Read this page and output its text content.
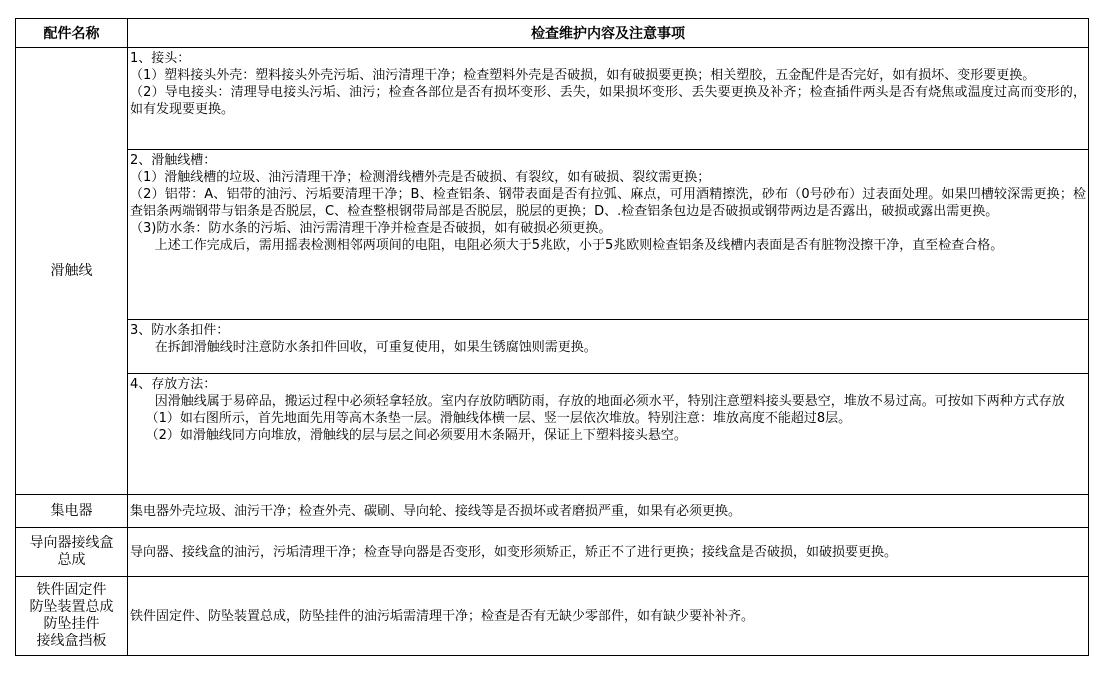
配件名称	检查维护内容及注意事项
滑触线	1、接头：
（1）塑料接头外壳：塑料接头外壳污垢、油污清理干净；检查塑料外壳是否破损，如有破损要更换；相关塑胶，五金配件是否完好，如有损坏、变形要更换。
（2）导电接头：清理导电接头污垢、油污；检查各部位是否有损坏变形、丢失，如果损坏变形、丢失要更换及补齐；检查插件两头是否有烧焦或温度过高而变形的，如有发现要更换。

	2、滑触线槽：
（1）滑触线槽的垃圾、油污清理干净；检测滑线槽外壳是否破损、有裂纹，如有破损、裂纹需更换；
（2）铝带：A、铝带的油污、污垢要清理干净；B、检查铝条、钢带表面是否有拉弧、麻点，可用酒精擦洗，砂布（0号砂布）过表面处理。如果凹槽较深需更换；检查铝条两端钢带与铝条是否脱层，C、检查整根钢带局部是否脱层，脱层的更换；D、.检查铝条包边是否破损或钢带两边是否露出，破损或露出需更换。
（3)防水条：防水条的污垢、油污需清理干净并检查是否破损，如有破损必须更换。
上述工作完成后，需用摇表检测相邻两项间的电阻，电阻必须大于5兆欧，小于5兆欧则检查铝条及线槽内表面是否有脏物没擦干净，直至检查合格。

	3、防水条扣件：
在拆卸滑触线时注意防水条扣件回收，可重复使用，如果生锈腐蚀则需更换。

	4、存放方法：
因滑触线属于易碎品，搬运过程中必须轻拿轻放。室内存放防晒防雨，存放的地面必须水平，特别注意塑料接头要悬空，堆放不易过高。可按如下两种方式存放
（1）如右图所示，首先地面先用等高木条垫一层。滑触线体横一层、竖一层依次堆放。特别注意：堆放高度不能超过8层。
（2）如滑触线同方向堆放，滑触线的层与层之间必须要用木条隔开，保证上下塑料接头悬空。

集电器	集电器外壳垃圾、油污干净；检查外壳、碳刷、导向轮、接线等是否损坏或者磨损严重，如果有必须更换。

导向器接线盒
总成	导向器、接线盒的油污，污垢清理干净；检查导向器是否变形，如变形须矫正，矫正不了进行更换；接线盒是否破损，如破损要更换。

铁件固定件
防坠装置总成
防坠挂件
接线盒挡板	铁件固定件、防坠装置总成，防坠挂件的油污垢需清理干净；检查是否有无缺少零部件，如有缺少要补补齐。
